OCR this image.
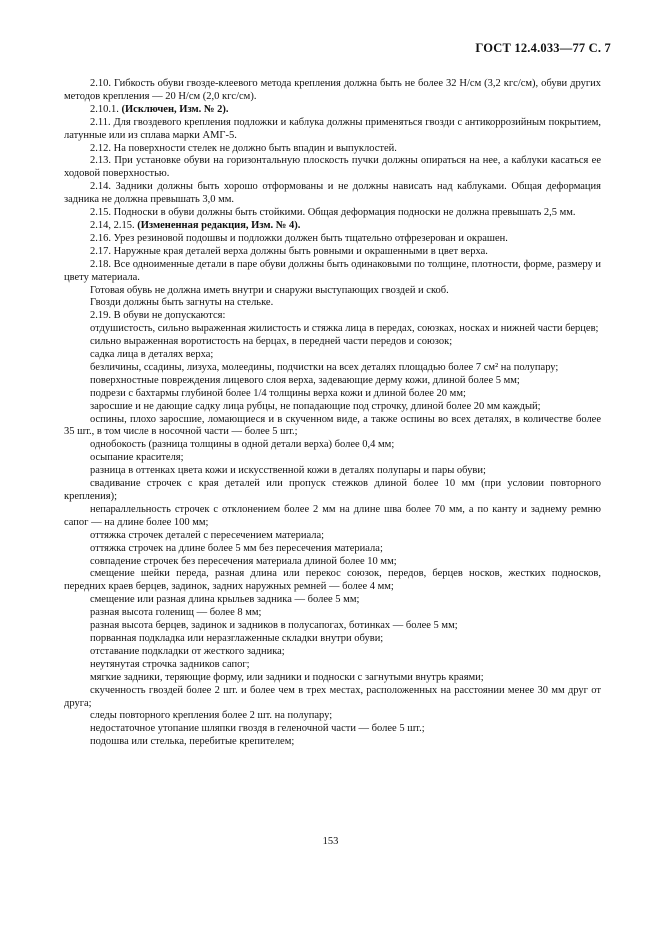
ГОСТ 12.4.033—77 С. 7

2.10. Гибкость обуви гвоздe-клеевого метода крепления должна быть не более 32 Н/см (3,2 кгс/см), обуви других методов крепления — 20 Н/см (2,0 кгс/см).

2.10.1. (Исключен, Изм. № 2).

2.11. Для гвоздевого крепления подложки и каблука должны применяться гвозди с антикоррозийным покрытием, латунные или из сплава марки АМГ-5.

2.12. На поверхности стелек не должно быть впадин и выпуклостей.

2.13. При установке обуви на горизонтальную плоскость пучки должны опираться на нее, а каблуки касаться ее ходовой поверхностью.

2.14. Задники должны быть хорошо отформованы и не должны нависать над каблуками. Общая деформация задника не должна превышать 3,0 мм.

2.15. Подноски в обуви должны быть стойкими. Общая деформация подноски не должна превышать 2,5 мм.

2.14, 2.15. (Измененная редакция, Изм. № 4).

2.16. Урез резиновой подошвы и подложки должен быть тщательно отфрезерован и окрашен.

2.17. Наружные края деталей верха должны быть ровными и окрашенными в цвет верха.

2.18. Все одноименные детали в паре обуви должны быть одинаковыми по толщине, плотности, форме, размеру и цвету материала.

Готовая обувь не должна иметь внутри и снаружи выступающих гвоздей и скоб.

Гвозди должны быть загнуты на стельке.

2.19. В обуви не допускаются:

отдушистость, сильно выраженная жилистость и стяжка лица в передах, союзках, носках и нижней части берцев;

сильно выраженная воротистость на берцах, в передней части передов и союзок;

садка лица в деталях верха;

безличины, ссадины, лизуха, молеедины, подчистки на всех деталях площадью более 7 см² на полупару;

поверхностные повреждения лицевого слоя верха, задевающие дерму кожи, длиной более 5 мм;

подрези с бахтармы глубиной более 1/4 толщины верха кожи и длиной более 20 мм;

заросшие и не дающие садку лица рубцы, не попадающие под строчку, длиной более 20 мм каждый;

оспины, плохо заросшие, ломающиеся и в скученном виде, а также оспины во всех деталях, в количестве более 35 шт., в том числе в носочной части — более 5 шт.;

однобокость (разница толщины в одной детали верха) более 0,4 мм;

осыпание красителя;

разница в оттенках цвета кожи и искусственной кожи в деталях полупары и пары обуви;

свадивание строчек с края деталей или пропуск стежков длиной более 10 мм (при условии повторного крепления);

непараллельность строчек с отклонением более 2 мм на длине шва более 70 мм, а по канту и заднему ремню сапог — на длине более 100 мм;

оттяжка строчек деталей с пересечением материала;

оттяжка строчек на длине более 5 мм без пересечения материала;

совпадение строчек без пересечения материала длиной более 10 мм;

смещение шейки переда, разная длина или перекос союзок, передов, берцев носков, жестких подносков, передних краев берцев, задинок, задних наружных ремней — более 4 мм;

смещение или разная длина крыльев задника — более 5 мм;

разная высота голенищ — более 8 мм;

разная высота берцев, задинок и задников в полусапогах, ботинках — более 5 мм;

порванная подкладка или неразглаженные складки внутри обуви;

отставание подкладки от жесткого задника;

неутянутая строчка задников сапог;

мягкие задники, теряющие форму, или задники и подноски с загнутыми внутрь краями;

скученность гвоздей более 2 шт. и более чем в трех местах, расположенных на расстоянии менее 30 мм друг от друга;

следы повторного крепления более 2 шт. на полупару;

недостаточное утопание шляпки гвоздя в геленочной части — более 5 шт.;

подошва или стелька, перебитые крепителем;

153
